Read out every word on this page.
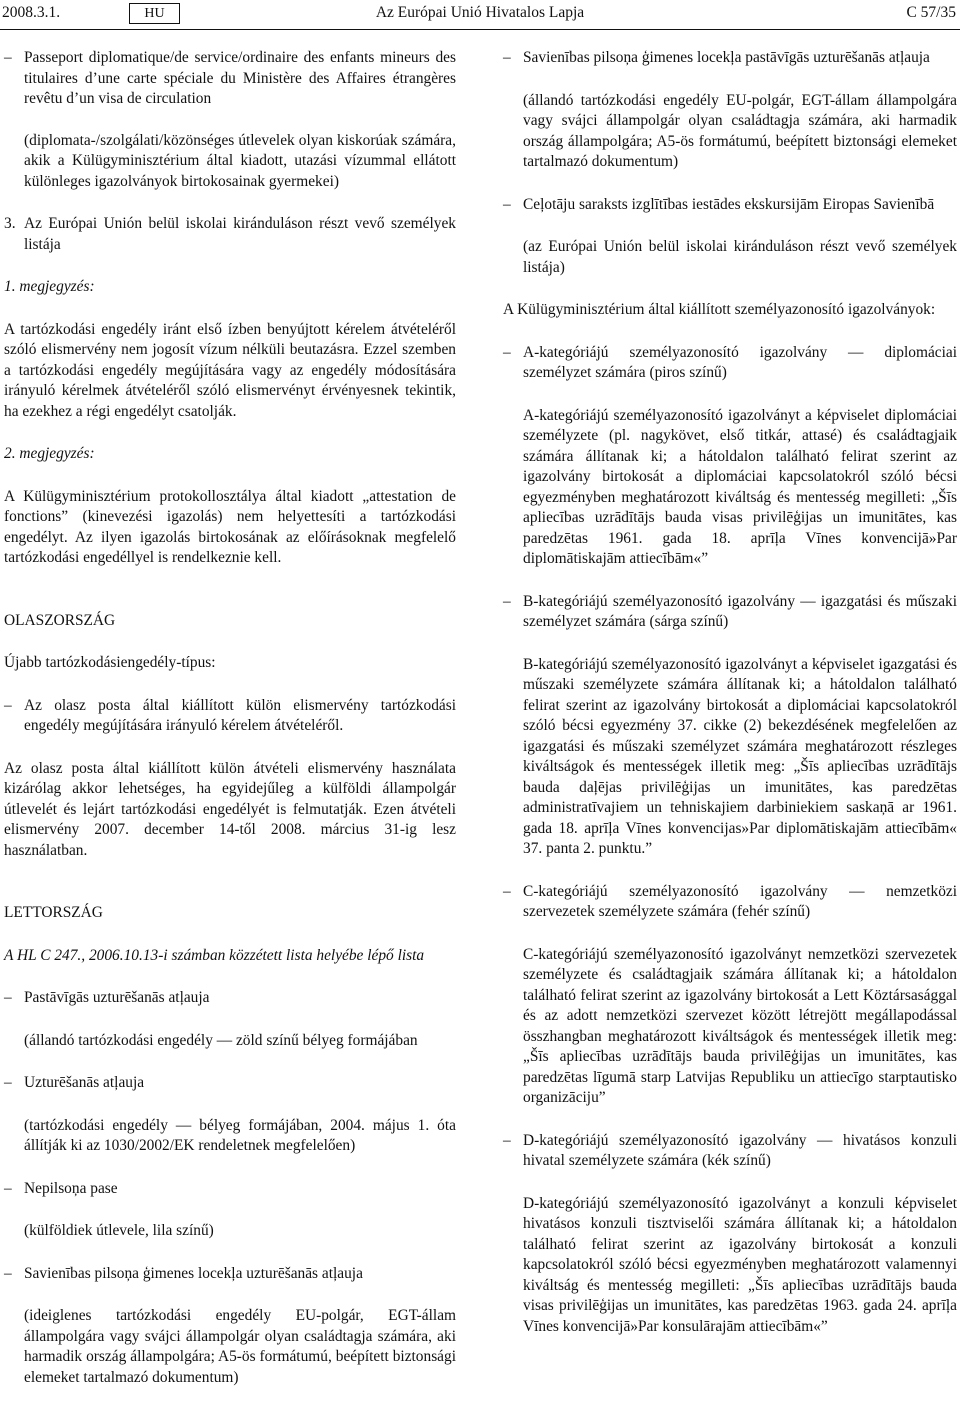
2008.3.1.	HU	Az Európai Unió Hivatalos Lapja	C 57/35

– Passeport diplomatique/de service/ordinaire des enfants mineurs des titulaires d’une carte spéciale du Ministère des Affaires étrangères revêtu d’un visa de circulation

(diplomata-/szolgálati/közönséges útlevelek olyan kiskorúak számára, akik a Külügyminisztérium által kiadott, utazási vízummal ellátott különleges igazolványok birtokosainak gyermekei)

3. Az Európai Unión belül iskolai kiránduláson részt vevő személyek listája

1. megjegyzés:

A tartózkodási engedély iránt első ízben benyújtott kérelem átvételéről szóló elismervény nem jogosít vízum nélküli beutazásra. Ezzel szemben a tartózkodási engedély megújítására vagy az engedély módosítására irányuló kérelmek átvételéről szóló elismervényt érvényesnek tekintik, ha ezekhez a régi engedélyt csatolják.

2. megjegyzés:

A Külügyminisztérium protokollosztálya által kiadott „attestation de fonctions” (kinevezési igazolás) nem helyettesíti a tartózkodási engedélyt. Az ilyen igazolás birtokosának az előírásoknak megfelelő tartózkodási engedéllyel is rendelkeznie kell.

OLASZORSZÁG

Újabb tartózkodásiengedély-típus:

– Az olasz posta által kiállított külön elismervény tartózkodási engedély megújítására irányuló kérelem átvételéről.

Az olasz posta által kiállított külön átvételi elismervény használata kizárólag akkor lehetséges, ha egyidejűleg a külföldi állampolgár útlevelét és lejárt tartózkodási engedélyét is felmutatják. Ezen átvételi elismervény 2007. december 14-től 2008. március 31-ig lesz használatban.

LETTORSZÁG

A HL C 247., 2006.10.13-i számban közzétett lista helyébe lépő lista

– Pastāvīgās uzturēšanās atļauja

(állandó tartózkodási engedély — zöld színű bélyeg formájában

– Uzturēšanās atļauja

(tartózkodási engedély — bélyeg formájában, 2004. május 1. óta állítják ki az 1030/2002/EK rendeletnek megfelelően)

– Nepilsoņa pase

(külföldiek útlevele, lila színű)

– Savienības pilsoņa ģimenes locekļa uzturēšanās atļauja

(ideiglenes tartózkodási engedély EU-polgár, EGT-állam állampolgára vagy svájci állampolgár olyan családtagja számára, aki harmadik ország állampolgára; A5-ös formátumú, beépített biztonsági elemeket tartalmazó dokumentum)

– Savienības pilsoņa ģimenes locekļa pastāvīgās uzturēšanās atļauja

(állandó tartózkodási engedély EU-polgár, EGT-állam állampolgára vagy svájci állampolgár olyan családtagja számára, aki harmadik ország állampolgára; A5-ös formátumú, beépített biztonsági elemeket tartalmazó dokumentum)

– Ceļotāju saraksts izglītības iestādes ekskursijām Eiropas Savienībā

(az Európai Unión belül iskolai kiránduláson részt vevő személyek listája)

A Külügyminisztérium által kiállított személyazonosító igazolványok:

– A-kategóriájú személyazonosító igazolvány — diplomáciai személyzet számára (piros színű)

A-kategóriájú személyazonosító igazolványt a képviselet diplomáciai személyzete (pl. nagykövet, első titkár, attasé) és családtagjaik számára állítanak ki; a hátoldalon található felirat szerint az igazolvány birtokosát a diplomáciai kapcsolatokról szóló bécsi egyezményben meghatározott kiváltság és mentesség megilleti: „Šīs apliecības uzrādītājs bauda visas privilēģijas un imunitātes, kas paredzētas 1961. gada 18. aprīļa Vīnes konvencijā»Par diplomātiskajām attiecībām«”

– B-kategóriájú személyazonosító igazolvány — igazgatási és műszaki személyzet számára (sárga színű)

B-kategóriájú személyazonosító igazolványt a képviselet igazgatási és műszaki személyzete számára állítanak ki; a hátoldalon található felirat szerint az igazolvány birtokosát a diplomáciai kapcsolatokról szóló bécsi egyezmény 37. cikke (2) bekezdésének megfelelően az igazgatási és műszaki személyzet számára meghatározott részleges kiváltságok és mentességek illetik meg: „Šīs apliecības uzrādītājs bauda daļējas privilēģijas un imunitātes, kas paredzētas administratīvajiem un tehniskajiem darbiniekiem saskaņā ar 1961. gada 18. aprīļa Vīnes konvencijas»Par diplomātiskajām attiecībām« 37. panta 2. punktu.”

– C-kategóriájú személyazonosító igazolvány — nemzetközi szervezetek személyzete számára (fehér színű)

C-kategóriájú személyazonosító igazolványt nemzetközi szervezetek személyzete és családtagjaik számára állítanak ki; a hátoldalon található felirat szerint az igazolvány birtokosát a Lett Köztársasággal és az adott nemzetközi szervezet között létrejött megállapodással összhangban meghatározott kiváltságok és mentességek illetik meg: „Šīs apliecības uzrādītājs bauda privilēģijas un imunitātes, kas paredzētas līgumā starp Latvijas Republiku un attiecīgo starptautisko organizāciju”

– D-kategóriájú személyazonosító igazolvány — hivatásos konzuli hivatal személyzete számára (kék színű)

D-kategóriájú személyazonosító igazolványt a konzuli képviselet hivatásos konzuli tisztviselői számára állítanak ki; a hátoldalon található felirat szerint az igazolvány birtokosát a konzuli kapcsolatokról szóló bécsi egyezményben meghatározott valamennyi kiváltság és mentesség megilleti: „Šīs apliecības uzrādītājs bauda visas privilēģijas un imunitātes, kas paredzētas 1963. gada 24. aprīļa Vīnes konvencijā»Par konsulārajām attiecībām«”
